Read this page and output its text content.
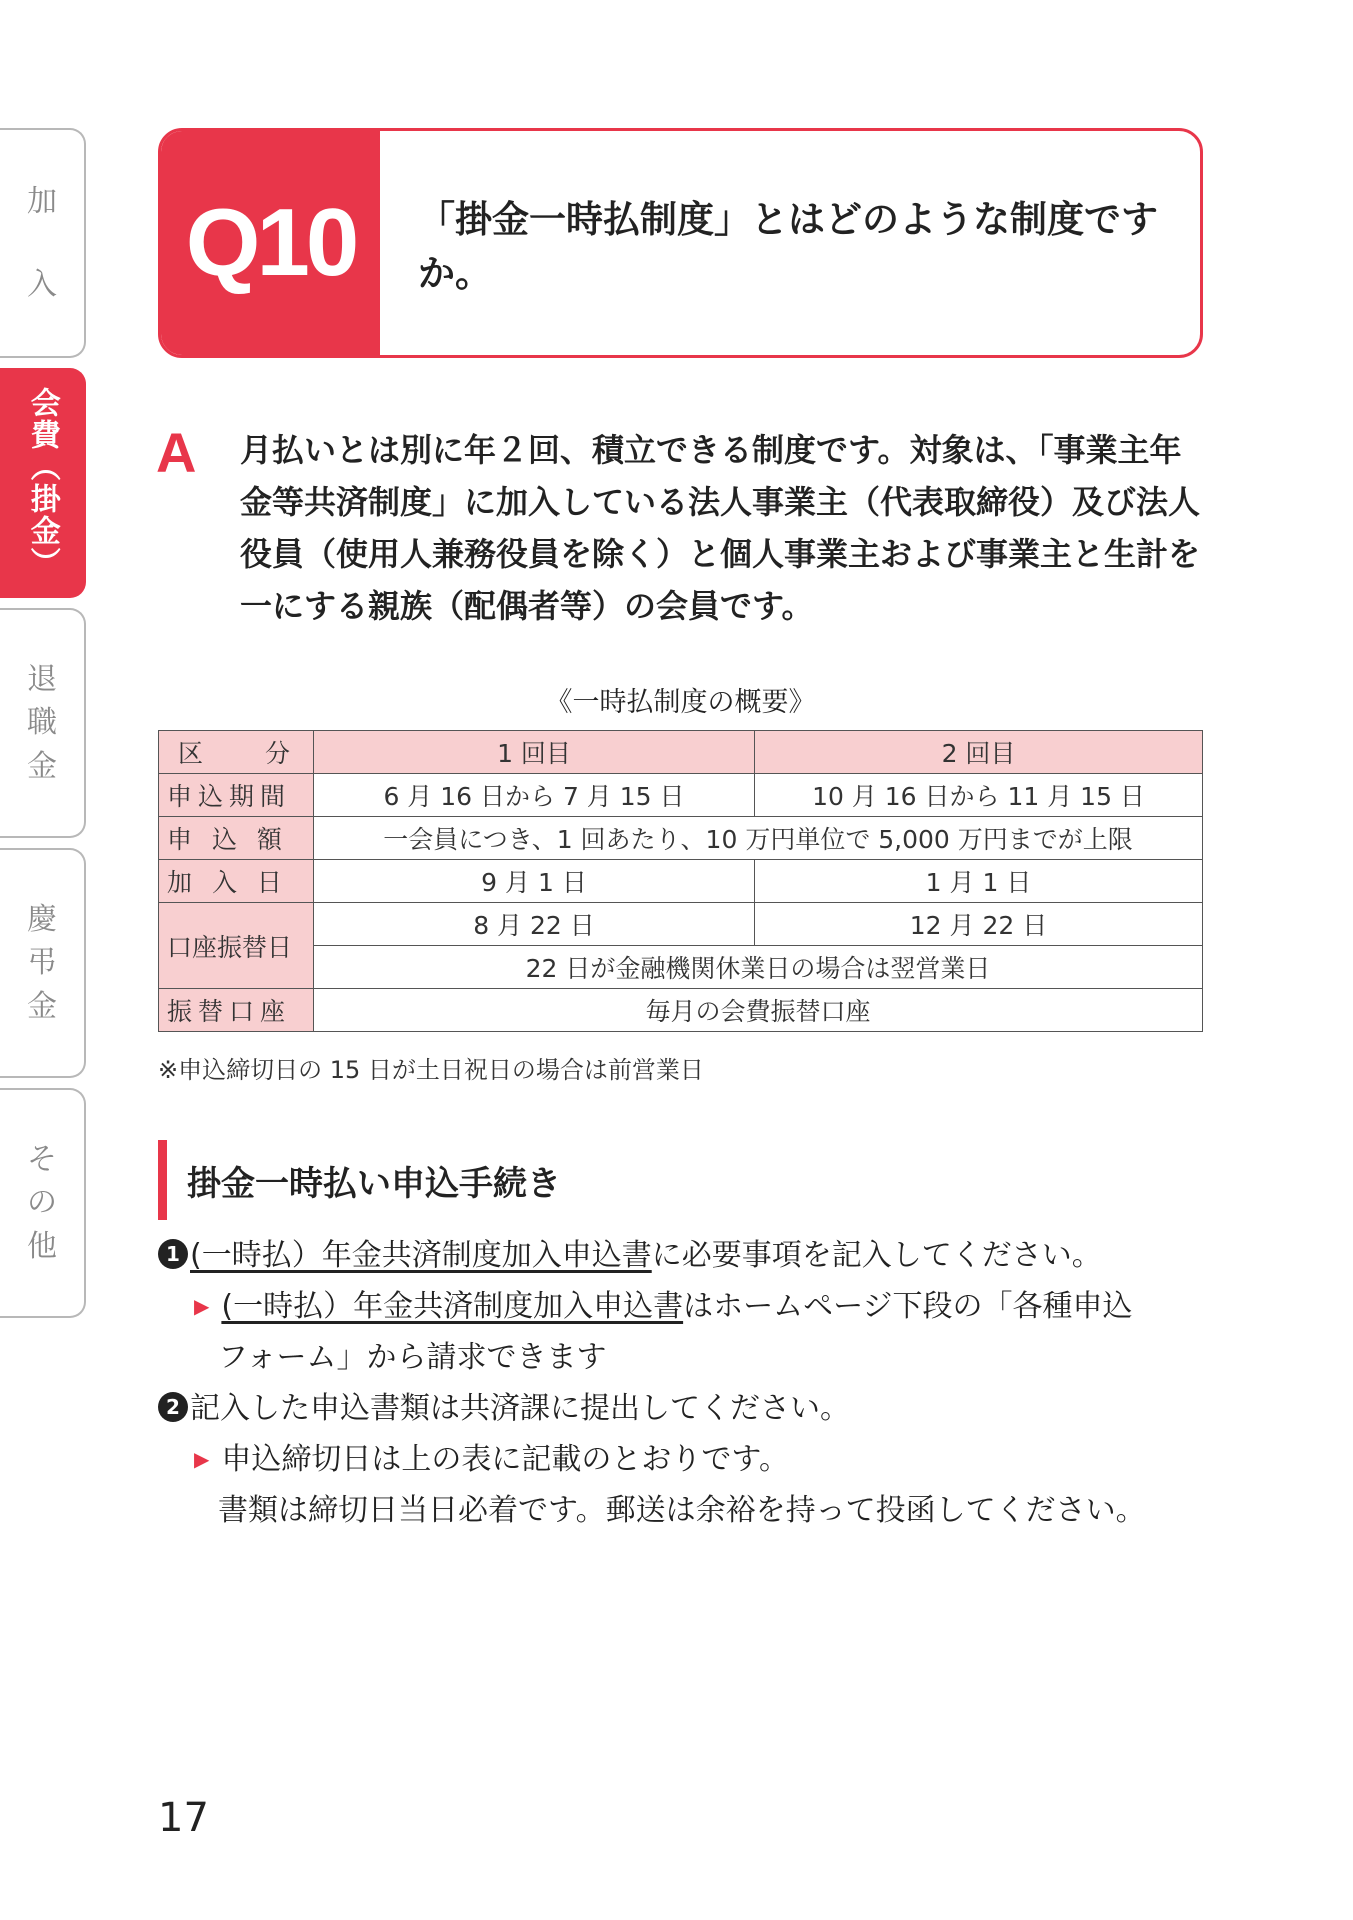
加
入
会費（掛金）
退
職
金
慶
弔
金
そ
の
他
Q10	「掛金一時払制度」とはどのような制度ですか。
A 月払いとは別に年２回、積立できる制度です。対象は、「事業主年金等共済制度」に加入している法人事業主（代表取締役）及び法人役員（使用人兼務役員を除く）と個人事業主および事業主と生計を一にする親族（配偶者等）の会員です。
《一時払制度の概要》
区　　分	1 回目	2 回目
申込期間	6 月 16 日から 7 月 15 日	10 月 16 日から 11 月 15 日
申 込 額	一会員につき、1 回あたり、10 万円単位で 5,000 万円までが上限	
加 入 日	9 月 1 日	1 月 1 日
口座振替日	8 月 22 日	12 月 22 日
	22 日が金融機関休業日の場合は翌営業日	
振替口座	毎月の会費振替口座	
※申込締切日の 15 日が土日祝日の場合は前営業日
掛金一時払い申込手続き
1 (一時払）年金共済制度加入申込書に必要事項を記入してください。
▶ (一時払）年金共済制度加入申込書はホームページ下段の「各種申込
フォーム」から請求できます
2 記入した申込書類は共済課に提出してください。
▶ 申込締切日は上の表に記載のとおりです。
書類は締切日当日必着です。郵送は余裕を持って投函してください。
17
